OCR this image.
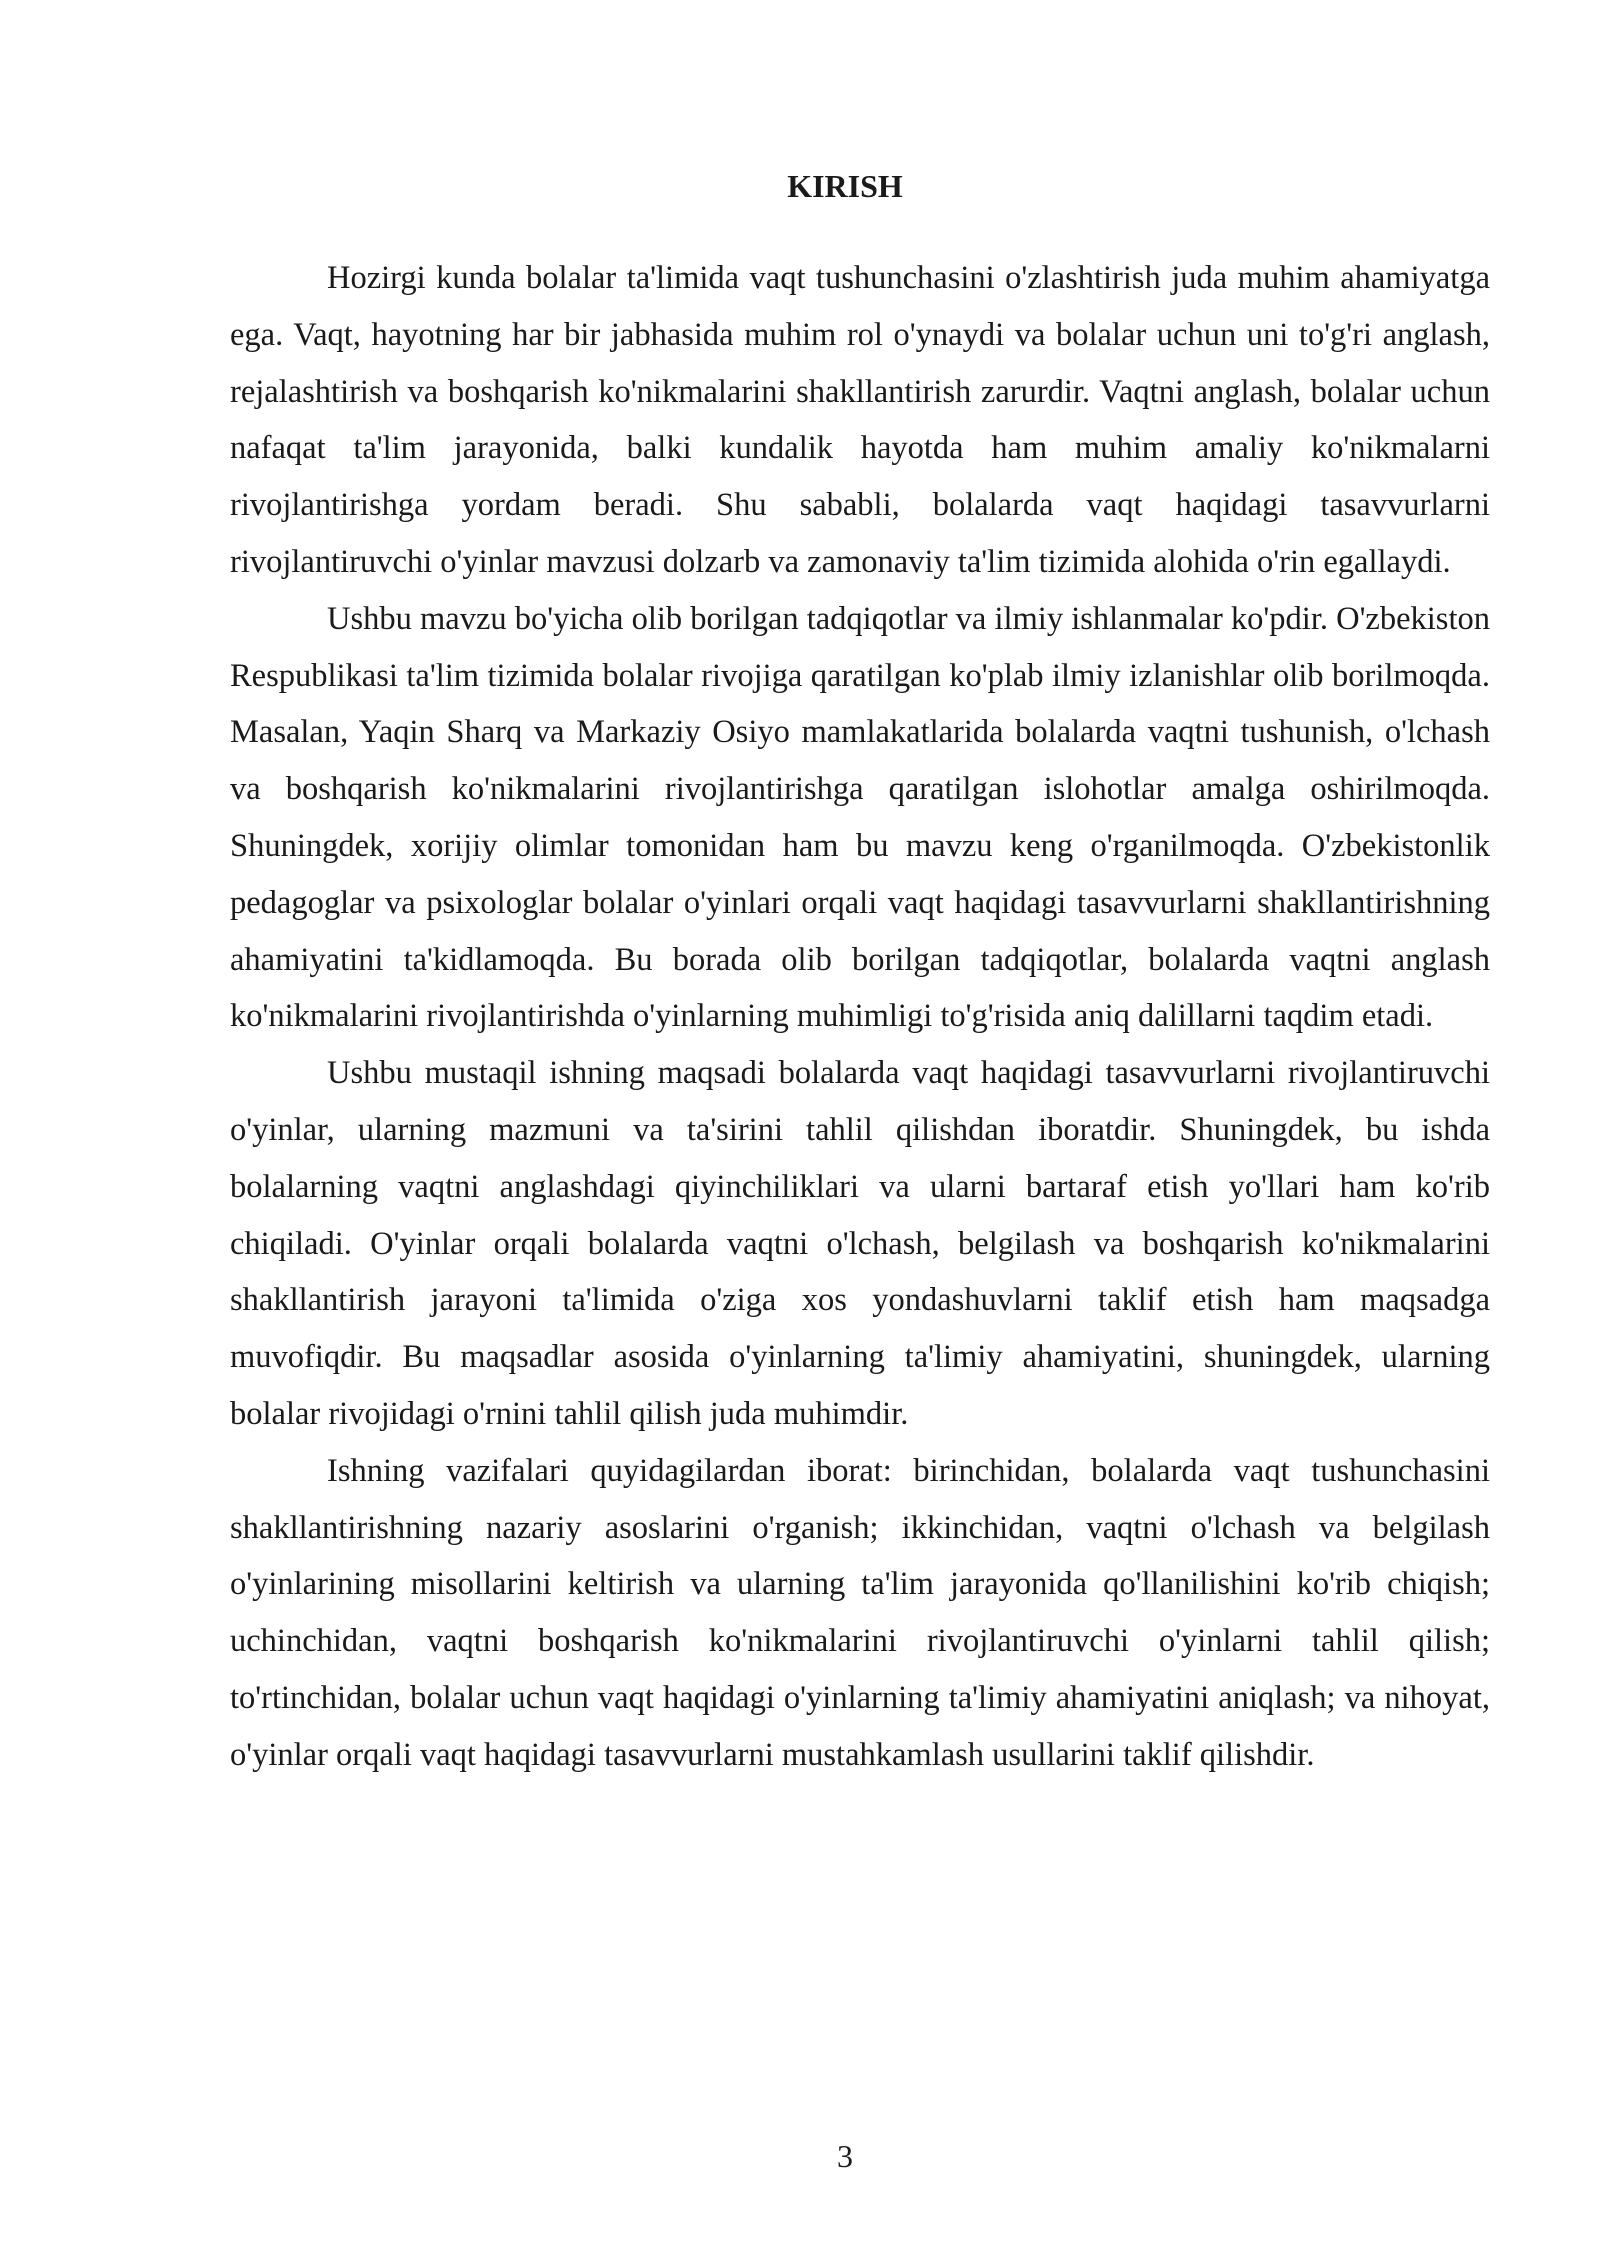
KIRISH

Hozirgi kunda bolalar ta'limida vaqt tushunchasini o'zlashtirish juda muhim ahamiyatga ega. Vaqt, hayotning har bir jabhasida muhim rol o'ynaydi va bolalar uchun uni to'g'ri anglash, rejalashtirish va boshqarish ko'nikmalarini shakllantirish zarurdir. Vaqtni anglash, bolalar uchun nafaqat ta'lim jarayonida, balki kundalik hayotda ham muhim amaliy ko'nikmalarni rivojlantirishga yordam beradi. Shu sababli, bolalarda vaqt haqidagi tasavvurlarni rivojlantiruvchi o'yinlar mavzusi dolzarb va zamonaviy ta'lim tizimida alohida o'rin egallaydi.

Ushbu mavzu bo'yicha olib borilgan tadqiqotlar va ilmiy ishlanmalar ko'pdir. O'zbekiston Respublikasi ta'lim tizimida bolalar rivojiga qaratilgan ko'plab ilmiy izlanishlar olib borilmoqda. Masalan, Yaqin Sharq va Markaziy Osiyo mamlakatlarida bolalarda vaqtni tushunish, o'lchash va boshqarish ko'nikmalarini rivojlantirishga qaratilgan islohotlar amalga oshirilmoqda. Shuningdek, xorijiy olimlar tomonidan ham bu mavzu keng o'rganilmoqda. O'zbekistonlik pedagoglar va psixologlar bolalar o'yinlari orqali vaqt haqidagi tasavvurlarni shakllantirishning ahamiyatini ta'kidlamoqda. Bu borada olib borilgan tadqiqotlar, bolalarda vaqtni anglash ko'nikmalarini rivojlantirishda o'yinlarning muhimligi to'g'risida aniq dalillarni taqdim etadi.

Ushbu mustaqil ishning maqsadi bolalarda vaqt haqidagi tasavvurlarni rivojlantiruvchi o'yinlar, ularning mazmuni va ta'sirini tahlil qilishdan iboratdir. Shuningdek, bu ishda bolalarning vaqtni anglashdagi qiyinchiliklari va ularni bartaraf etish yo'llari ham ko'rib chiqiladi. O'yinlar orqali bolalarda vaqtni o'lchash, belgilash va boshqarish ko'nikmalarini shakllantirish jarayoni ta'limida o'ziga xos yondashuvlarni taklif etish ham maqsadga muvofiqdir. Bu maqsadlar asosida o'yinlarning ta'limiy ahamiyatini, shuningdek, ularning bolalar rivojidagi o'rnini tahlil qilish juda muhimdir.

Ishning vazifalari quyidagilardan iborat: birinchidan, bolalarda vaqt tushunchasini shakllantirishning nazariy asoslarini o'rganish; ikkinchidan, vaqtni o'lchash va belgilash o'yinlarining misollarini keltirish va ularning ta'lim jarayonida qo'llanilishini ko'rib chiqish; uchinchidan, vaqtni boshqarish ko'nikmalarini rivojlantiruvchi o'yinlarni tahlil qilish; to'rtinchidan, bolalar uchun vaqt haqidagi o'yinlarning ta'limiy ahamiyatini aniqlash; va nihoyat, o'yinlar orqali vaqt haqidagi tasavvurlarni mustahkamlash usullarini taklif qilishdir.

3
